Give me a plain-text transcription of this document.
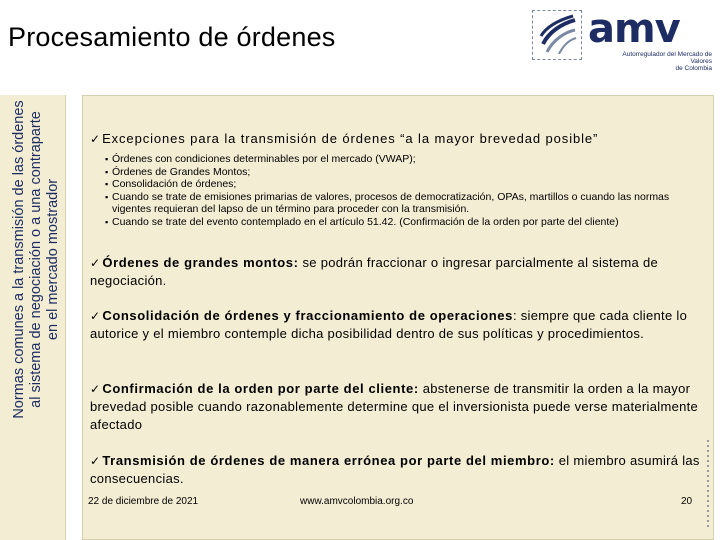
Procesamiento de órdenes	amv
Autorregulador del Mercado de Valores
de Colombia
Normas comunes a la transmisión de las órdenes al sistema de negociación o a una contraparte en el mercado mostrador
✓ Excepciones para la transmisión de órdenes “a la mayor brevedad posible”
▪ Órdenes con condiciones determinables por el mercado (VWAP);
▪ Órdenes de Grandes Montos;
▪ Consolidación de órdenes;
▪ Cuando se trate de emisiones primarias de valores, procesos de democratización, OPAs, martillos o cuando las normas vigentes requieran del lapso de un término para proceder con la transmisión.
▪ Cuando se trate del evento contemplado en el artículo 51.42. (Confirmación de la orden por parte del cliente)
✓ Órdenes de grandes montos: se podrán fraccionar o ingresar parcialmente al sistema de negociación.
✓ Consolidación de órdenes y fraccionamiento de operaciones: siempre que cada cliente lo autorice y el miembro contemple dicha posibilidad dentro de sus políticas y procedimientos.
✓ Confirmación de la orden por parte del cliente: abstenerse de transmitir la orden a la mayor brevedad posible cuando razonablemente determine que el inversionista puede verse materialmente afectado
✓ Transmisión de órdenes de manera errónea por parte del miembro: el miembro asumirá las consecuencias.
22 de diciembre de 2021	www.amvcolombia.org.co	20
